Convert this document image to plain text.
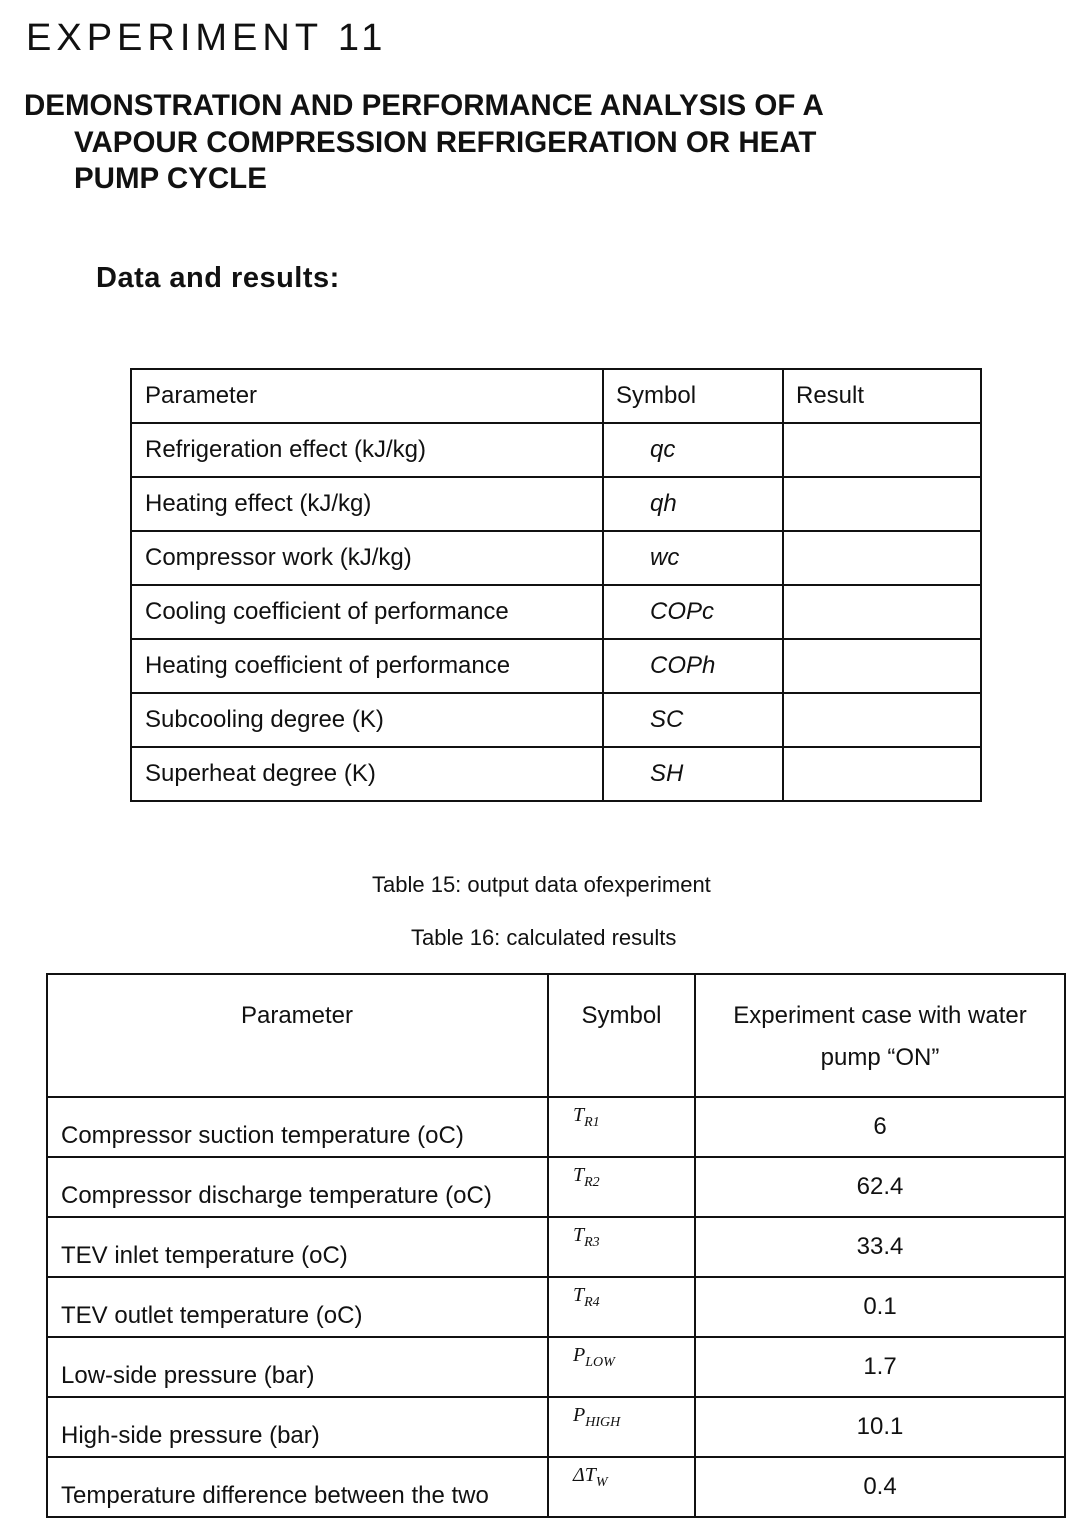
EXPERIMENT 11
DEMONSTRATION AND PERFORMANCE ANALYSIS OF A
VAPOUR COMPRESSION REFRIGERATION OR HEAT
PUMP CYCLE
Data and results:
Parameter	Symbol	Result
Refrigeration effect (kJ/kg)	qc	
Heating effect (kJ/kg)	qh	
Compressor work (kJ/kg)	wc	
Cooling coefficient of performance	COPc	
Heating coefficient of performance	COPh	
Subcooling degree (K)	SC	
Superheat degree (K)	SH	

Table 15: output data ofexperiment

Table 16: calculated results

Parameter	Symbol	Experiment case with water
pump “ON”
Compressor suction temperature (oC)	$T_{R1}$	6
Compressor discharge temperature (oC)	$T_{R2}$	62.4
TEV inlet temperature (oC)	$T_{R3}$	33.4
TEV outlet temperature (oC)	$T_{R4}$	0.1
Low-side pressure (bar)	$P_{LOW}$	1.7
High-side pressure (bar)	$P_{HIGH}$	10.1
Temperature difference between the two	$\Delta T_W$	0.4
